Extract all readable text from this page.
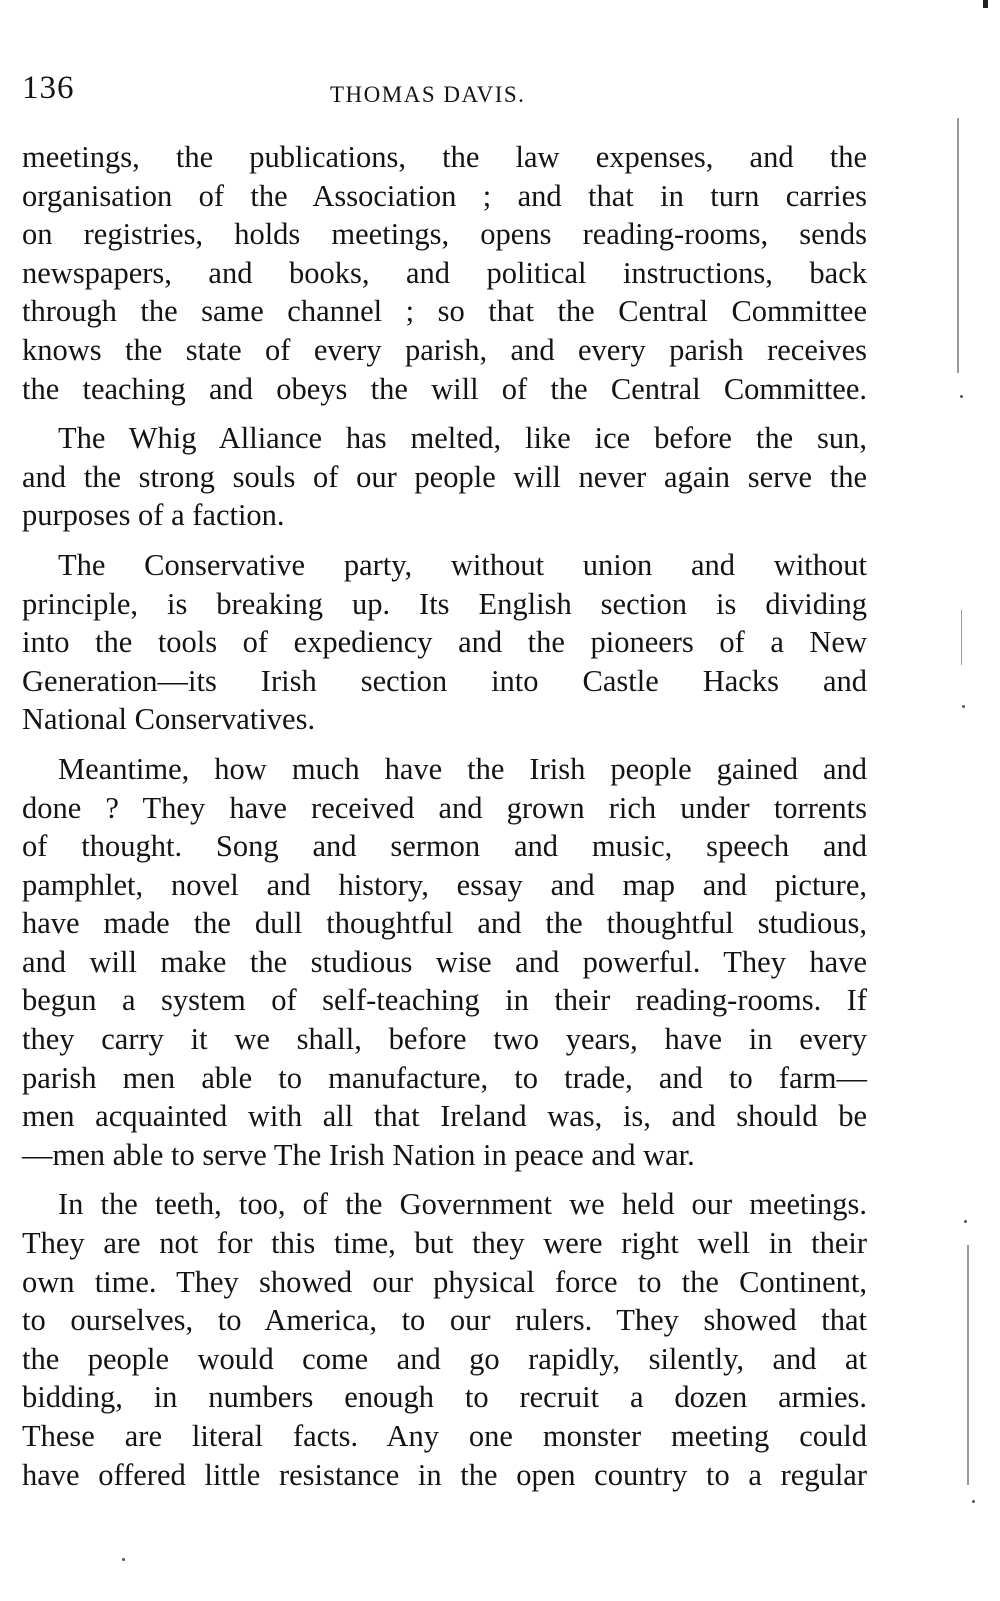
136	THOMAS DAVIS.

meetings, the publications, the law expenses, and the

organisation of the Association ; and that in turn carries

on registries, holds meetings, opens reading-rooms, sends

newspapers, and books, and political instructions, back

through the same channel ; so that the Central Committee

knows the state of every parish, and every parish receives

the teaching and obeys the will of the Central Committee.

The Whig Alliance has melted, like ice before the sun,

and the strong souls of our people will never again serve the

purposes of a faction.

The Conservative party, without union and without

principle, is breaking up. Its English section is dividing

into the tools of expediency and the pioneers of a New

Generation—its Irish section into Castle Hacks and

National Conservatives.

Meantime, how much have the Irish people gained and

done ? They have received and grown rich under torrents

of thought. Song and sermon and music, speech and

pamphlet, novel and history, essay and map and picture,

have made the dull thoughtful and the thoughtful studious,

and will make the studious wise and powerful. They have

begun a system of self-teaching in their reading-rooms. If

they carry it we shall, before two years, have in every

parish men able to manufacture, to trade, and to farm—

men acquainted with all that Ireland was, is, and should be

—men able to serve The Irish Nation in peace and war.

In the teeth, too, of the Government we held our meetings.

They are not for this time, but they were right well in their

own time. They showed our physical force to the Continent,

to ourselves, to America, to our rulers. They showed that

the people would come and go rapidly, silently, and at

bidding, in numbers enough to recruit a dozen armies.

These are literal facts. Any one monster meeting could

have offered little resistance in the open country to a regular
